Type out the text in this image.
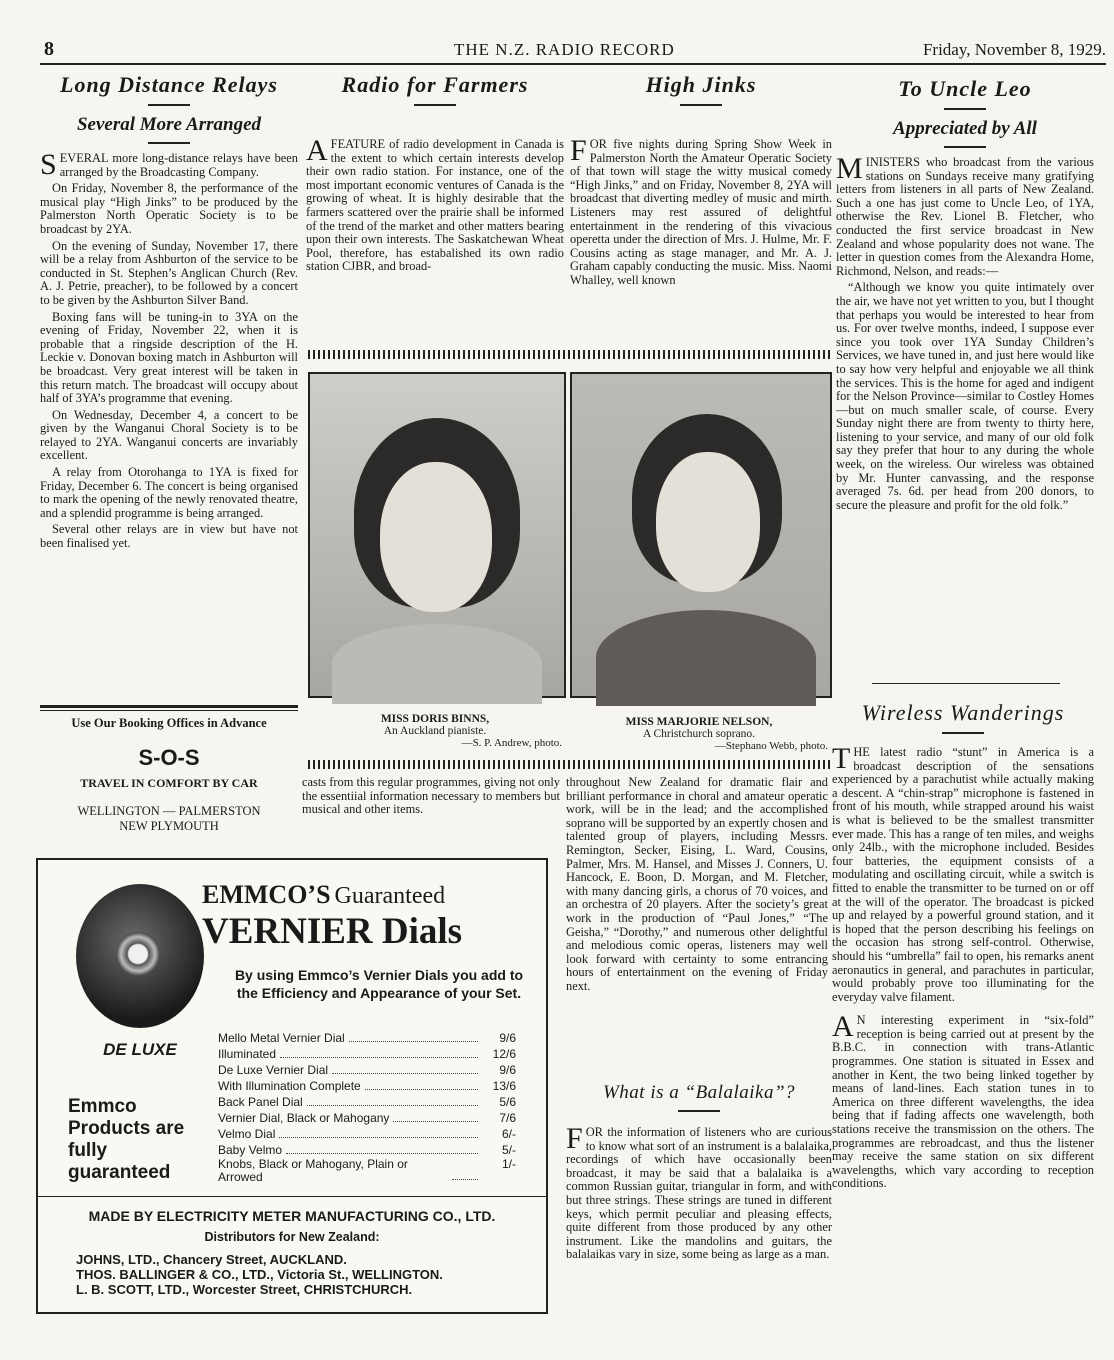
8	THE N.Z. RADIO RECORD	Friday, November 8, 1929.
Long Distance Relays
Several More Arranged

SEVERAL more long-distance relays have been arranged by the Broadcasting Company.

On Friday, November 8, the performance of the musical play “High Jinks” to be produced by the Palmerston North Operatic Society is to be broadcast by 2YA.

On the evening of Sunday, November 17, there will be a relay from Ashburton of the service to be conducted in St. Stephen’s Anglican Church (Rev. A. J. Petrie, preacher), to be followed by a concert to be given by the Ashburton Silver Band.

Boxing fans will be tuning-in to 3YA on the evening of Friday, November 22, when it is probable that a ringside description of the H. Leckie v. Donovan boxing match in Ashburton will be broadcast. Very great interest will be taken in this return match. The broadcast will occupy about half of 3YA’s programme that evening.

On Wednesday, December 4, a concert to be given by the Wanganui Choral Society is to be relayed to 2YA. Wanganui concerts are invariably excellent.

A relay from Otorohanga to 1YA is fixed for Friday, December 6. The concert is being organised to mark the opening of the newly renovated theatre, and a splendid programme is being arranged.

Several other relays are in view but have not been finalised yet.

Use Our Booking Offices in Advance
S-O-S
TRAVEL IN COMFORT BY CAR
WELLINGTON — PALMERSTON
NEW PLYMOUTH
Radio for Farmers

AFEATURE of radio development in Canada is the extent to which certain interests develop their own radio station. For instance, one of the most important economic ventures of Canada is the growing of wheat. It is highly desirable that the farmers scattered over the prairie shall be informed of the trend of the market and other matters bearing upon their own interests. The Saskatchewan Wheat Pool, therefore, has estabalished its own radio station CJBR, and broad-

High Jinks

FOR five nights during Spring Show Week in Palmerston North the Amateur Operatic Society of that town will stage the witty musical comedy “High Jinks,” and on Friday, November 8, 2YA will broadcast that diverting medley of music and mirth. Listeners may rest assured of delightful entertainment in the rendering of this vivacious operetta under the direction of Mrs. J. Hulme, Mr. F. Cousins acting as stage manager, and Mr. A. J. Graham capably conducting the music. Miss. Naomi Whalley, well known

MISS DORIS BINNS,
An Auckland pianiste.
—S. P. Andrew, photo.
MISS MARJORIE NELSON,
A Christchurch soprano.
—Stephano Webb, photo.

casts from this regular programmes, giving not only the essentiial information necessary to members but musical and other items.

throughout New Zealand for dramatic flair and brilliant performance in choral and amateur operatic work, will be in the lead; and the accomplished soprano will be supported by an expertly chosen and talented group of players, including Messrs. Remington, Secker, Eising, L. Ward, Cousins, Palmer, Mrs. M. Hansel, and Misses J. Conners, U. Hancock, E. Boon, D. Morgan, and M. Fletcher, with many dancing girls, a chorus of 70 voices, and an orchestra of 20 players. After the society’s great work in the production of “Paul Jones,” “The Geisha,” “Dorothy,” and numerous other delightful and melodious comic operas, listeners may well look forward with certainty to some entrancing hours of entertainment on the evening of Friday next.

What is a “Balalaika”?

FOR the information of listeners who are curious to know what sort of an instrument is a balalaika, recordings of which have occasionally been broadcast, it may be said that a balalaika is a common Russian guitar, triangular in form, and with but three strings. These strings are tuned in different keys, which permit peculiar and pleasing effects, quite different from those produced by any other instrument. Like the mandolins and guitars, the balalaikas vary in size, some being as large as a man.

To Uncle Leo
Appreciated by All

MINISTERS who broadcast from the various stations on Sundays receive many gratifying letters from listeners in all parts of New Zealand. Such a one has just come to Uncle Leo, of 1YA, otherwise the Rev. Lionel B. Fletcher, who conducted the first service broadcast in New Zealand and whose popularity does not wane. The letter in question comes from the Alexandra Home, Richmond, Nelson, and reads:—

“Although we know you quite intimately over the air, we have not yet written to you, but I thought that perhaps you would be interested to hear from us. For over twelve months, indeed, I suppose ever since you took over 1YA Sunday Children’s Services, we have tuned in, and just here would like to say how very helpful and enjoyable we all think the services. This is the home for aged and indigent for the Nelson Province—similar to Costley Homes—but on much smaller scale, of course. Every Sunday night there are from twenty to thirty here, listening to your service, and many of our old folk say they prefer that hour to any during the whole week, on the wireless. Our wireless was obtained by Mr. Hunter canvassing, and the response averaged 7s. 6d. per head from 200 donors, to secure the pleasure and profit for the old folk.”

Wireless Wanderings

THE latest radio “stunt” in America is a broadcast description of the sensations experienced by a parachutist while actually making a descent. A “chin-strap” microphone is fastened in front of his mouth, while strapped around his waist is what is believed to be the smallest transmitter ever made. This has a range of ten miles, and weighs only 24lb., with the microphone included. Besides four batteries, the equipment consists of a modulating and oscillating circuit, while a switch is fitted to enable the transmitter to be turned on or off at the will of the operator. The broadcast is picked up and relayed by a powerful ground station, and it is hoped that the person describing his feelings on the occasion has strong self-control. Otherwise, should his “umbrella” fail to open, his remarks anent aeronautics in general, and parachutes in particular, would probably prove too illuminating for the everyday valve filament.

A N interesting experiment in “six-fold” reception is being carried out at present by the B.B.C. in connection with trans-Atlantic programmes. One station is situated in Essex and another in Kent, the two being linked together by means of land-lines. Each station tunes in to America on three different wavelengths, the idea being that if fading affects one wavelength, both stations receive the transmission on the others. The programmes are rebroadcast, and thus the listener may receive the same station on six different wavelengths, which vary according to reception conditions.

DE LUXE
Emmco Products are fully guaranteed
EMMCO’S Guaranteed
VERNIER Dials
By using Emmco’s Vernier Dials you add to the Efficiency and Appearance of your Set.
Mello Metal Vernier Dial	9/6
Illuminated	12/6
De Luxe Vernier Dial	9/6
With Illumination Complete	13/6
Back Panel Dial	5/6
Vernier Dial, Black or Mahogany	7/6
Velmo Dial	6/-
Baby Velmo	5/-
Knobs, Black or Mahogany, Plain or Arrowed
1/-
MADE BY ELECTRICITY METER MANUFACTURING CO., LTD.
Distributors for New Zealand:
JOHNS, LTD., Chancery Street, AUCKLAND.
THOS. BALLINGER & CO., LTD., Victoria St., WELLINGTON.
L. B. SCOTT, LTD., Worcester Street, CHRISTCHURCH.
